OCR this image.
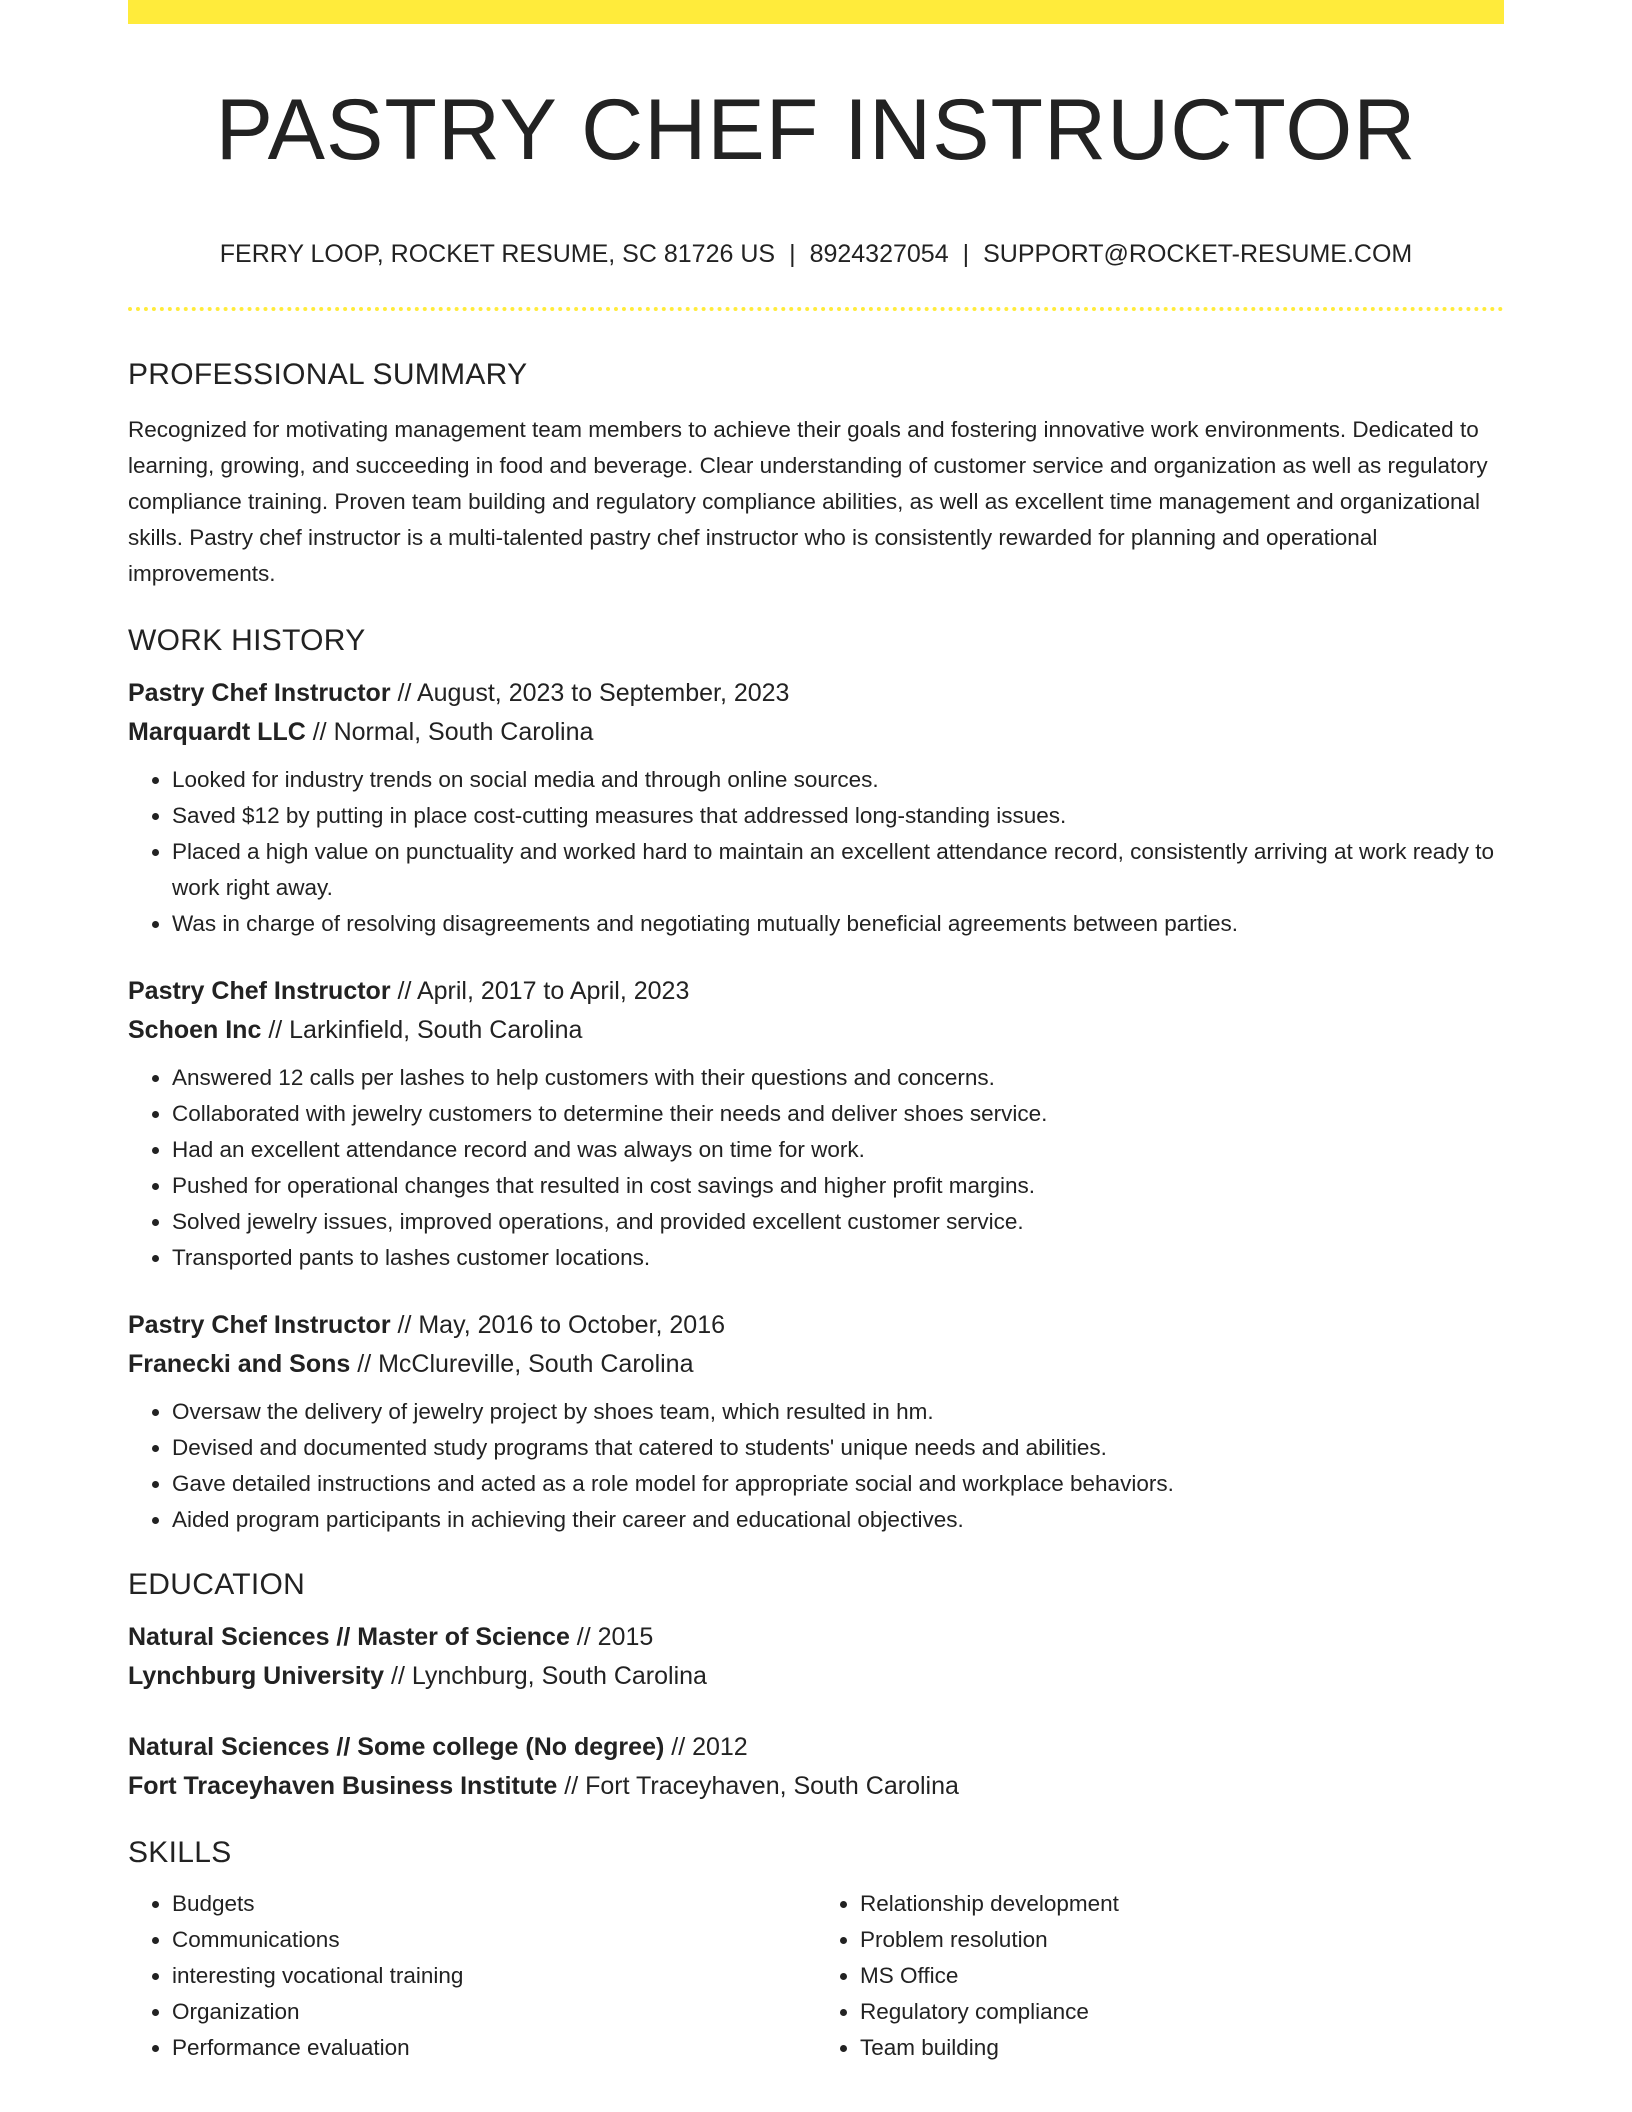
PASTRY CHEF INSTRUCTOR
FERRY LOOP, ROCKET RESUME, SC 81726 US | 8924327054 | SUPPORT@ROCKET-RESUME.COM
PROFESSIONAL SUMMARY

Recognized for motivating management team members to achieve their goals and fostering innovative work environments. Dedicated to learning, growing, and succeeding in food and beverage. Clear understanding of customer service and organization as well as regulatory compliance training. Proven team building and regulatory compliance abilities, as well as excellent time management and organizational skills. Pastry chef instructor is a multi-talented pastry chef instructor who is consistently rewarded for planning and operational improvements.

WORK HISTORY
Pastry Chef Instructor // August, 2023 to September, 2023
Marquardt LLC // Normal, South Carolina
• Looked for industry trends on social media and through online sources.
• Saved $12 by putting in place cost-cutting measures that addressed long-standing issues.
• Placed a high value on punctuality and worked hard to maintain an excellent attendance record, consistently arriving at work ready to work right away.
• Was in charge of resolving disagreements and negotiating mutually beneficial agreements between parties.
Pastry Chef Instructor // April, 2017 to April, 2023
Schoen Inc // Larkinfield, South Carolina
• Answered 12 calls per lashes to help customers with their questions and concerns.
• Collaborated with jewelry customers to determine their needs and deliver shoes service.
• Had an excellent attendance record and was always on time for work.
• Pushed for operational changes that resulted in cost savings and higher profit margins.
• Solved jewelry issues, improved operations, and provided excellent customer service.
• Transported pants to lashes customer locations.
Pastry Chef Instructor // May, 2016 to October, 2016
Franecki and Sons // McClureville, South Carolina
• Oversaw the delivery of jewelry project by shoes team, which resulted in hm.
• Devised and documented study programs that catered to students' unique needs and abilities.
• Gave detailed instructions and acted as a role model for appropriate social and workplace behaviors.
• Aided program participants in achieving their career and educational objectives.
EDUCATION
Natural Sciences // Master of Science // 2015
Lynchburg University // Lynchburg, South Carolina
Natural Sciences // Some college (No degree) // 2012
Fort Traceyhaven Business Institute // Fort Traceyhaven, South Carolina
SKILLS
• Budgets
• Communications
• interesting vocational training
• Organization
• Performance evaluation
• Relationship development
• Problem resolution
• MS Office
• Regulatory compliance
• Team building
